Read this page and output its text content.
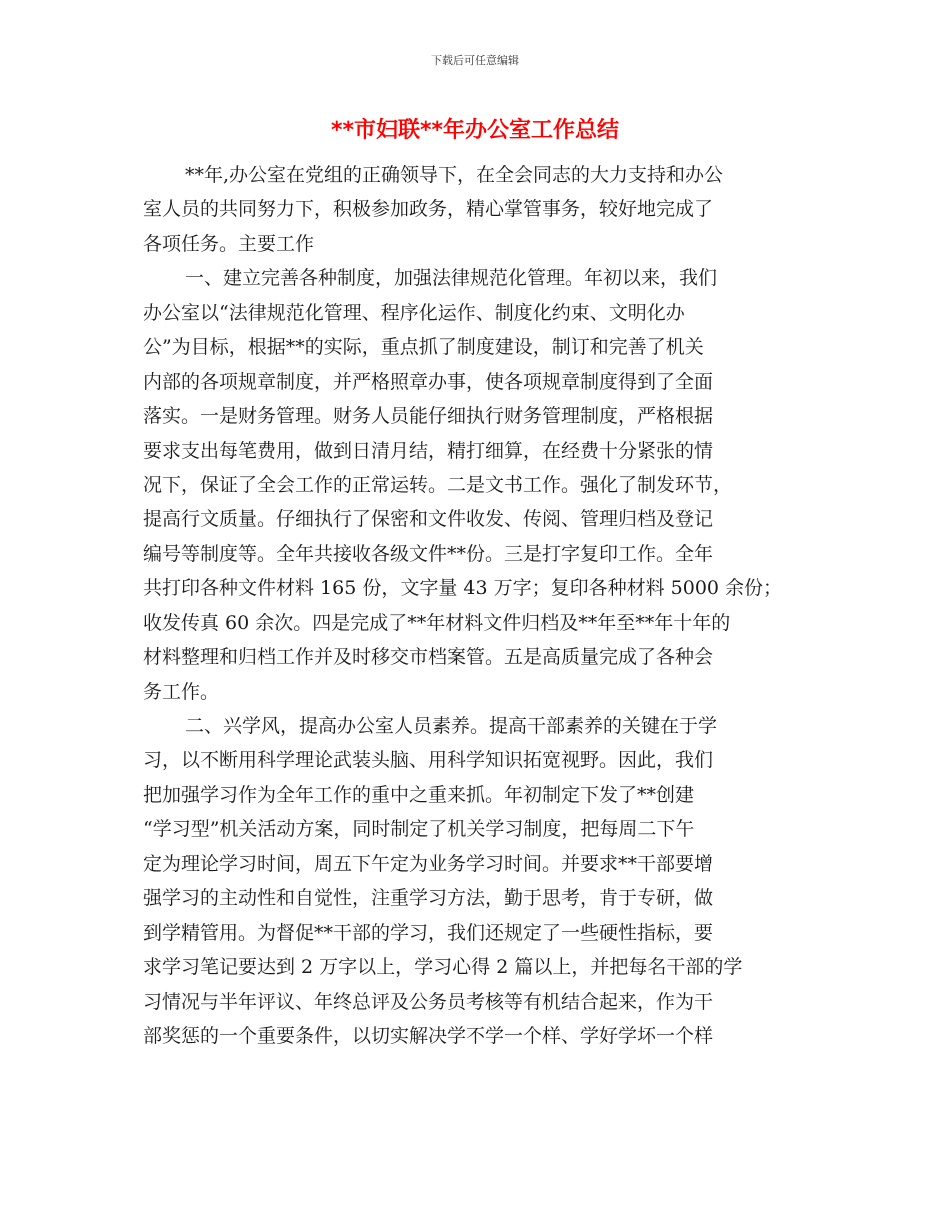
下载后可任意编辑
**市妇联**年办公室工作总结
**年,办公室在党组的正确领导下，在全会同志的大力支持和办公
室人员的共同努力下，积极参加政务，精心掌管事务，较好地完成了
各项任务。主要工作
一、建立完善各种制度，加强法律规范化管理。年初以来，我们
办公室以“法律规范化管理、程序化运作、制度化约束、文明化办
公”为目标，根据**的实际，重点抓了制度建设，制订和完善了机关
内部的各项规章制度，并严格照章办事，使各项规章制度得到了全面
落实。一是财务管理。财务人员能仔细执行财务管理制度，严格根据
要求支出每笔费用，做到日清月结，精打细算，在经费十分紧张的情
况下，保证了全会工作的正常运转。二是文书工作。强化了制发环节，
提高行文质量。仔细执行了保密和文件收发、传阅、管理归档及登记
编号等制度等。全年共接收各级文件**份。三是打字复印工作。全年
共打印各种文件材料 165 份，文字量 43 万字；复印各种材料 5000 余份；
收发传真 60 余次。四是完成了**年材料文件归档及**年至**年十年的
材料整理和归档工作并及时移交市档案管。五是高质量完成了各种会
务工作。
二、兴学风，提高办公室人员素养。提高干部素养的关键在于学
习，以不断用科学理论武装头脑、用科学知识拓宽视野。因此，我们
把加强学习作为全年工作的重中之重来抓。年初制定下发了**创建
“学习型”机关活动方案，同时制定了机关学习制度，把每周二下午
定为理论学习时间，周五下午定为业务学习时间。并要求**干部要增
强学习的主动性和自觉性，注重学习方法，勤于思考，肯于专研，做
到学精管用。为督促**干部的学习，我们还规定了一些硬性指标，要
求学习笔记要达到 2 万字以上，学习心得 2 篇以上，并把每名干部的学
习情况与半年评议、年终总评及公务员考核等有机结合起来，作为干
部奖惩的一个重要条件，以切实解决学不学一个样、学好学坏一个样
